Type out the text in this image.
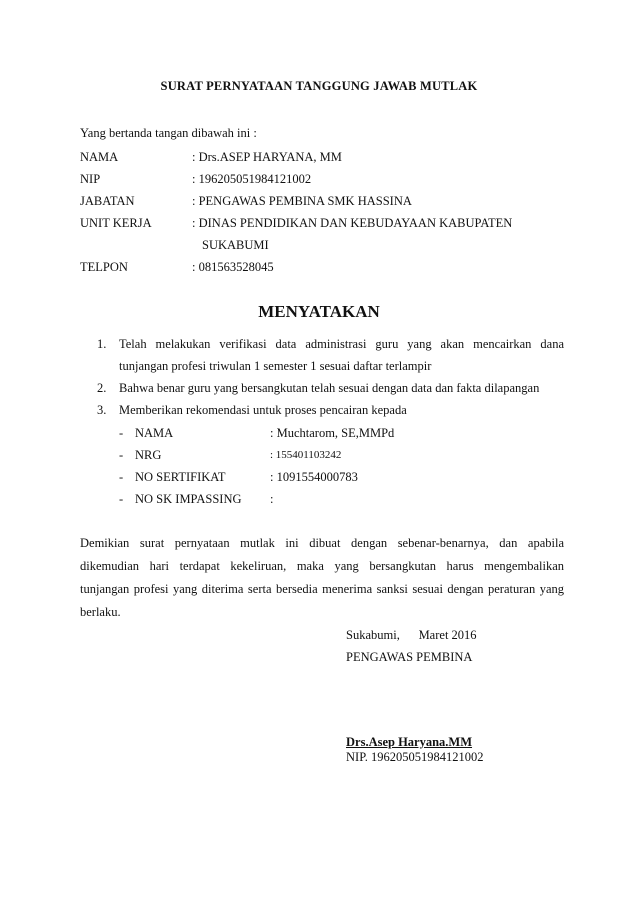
SURAT PERNYATAAN TANGGUNG JAWAB MUTLAK
Yang bertanda tangan dibawah ini :
NAMA	: Drs.ASEP HARYANA, MM
NIP	: 196205051984121002
JABATAN	: PENGAWAS PEMBINA SMK HASSINA
UNIT KERJA	: DINAS PENDIDIKAN DAN KEBUDAYAAN KABUPATEN
SUKABUMI
TELPON	: 081563528045
MENYATAKAN
1. Telah melakukan verifikasi data administrasi guru yang akan mencairkan dana
tunjangan profesi triwulan 1 semester 1 sesuai daftar terlampir
2. Bahwa benar guru yang bersangkutan telah sesuai dengan data dan fakta dilapangan
3. Memberikan rekomendasi untuk proses pencairan kepada
- NAMA	: Muchtarom, SE,MMPd
- NRG	: 155401103242
- NO SERTIFIKAT	: 1091554000783
- NO SK IMPASSING :
Demikian surat pernyataan mutlak ini dibuat dengan sebenar-benarnya, dan apabila
dikemudian hari terdapat kekeliruan, maka yang bersangkutan harus mengembalikan
tunjangan profesi yang diterima serta bersedia menerima sanksi sesuai dengan peraturan yang
berlaku.
Sukabumi,      Maret 2016
PENGAWAS PEMBINA
Drs.Asep Haryana.MM
NIP. 196205051984121002
